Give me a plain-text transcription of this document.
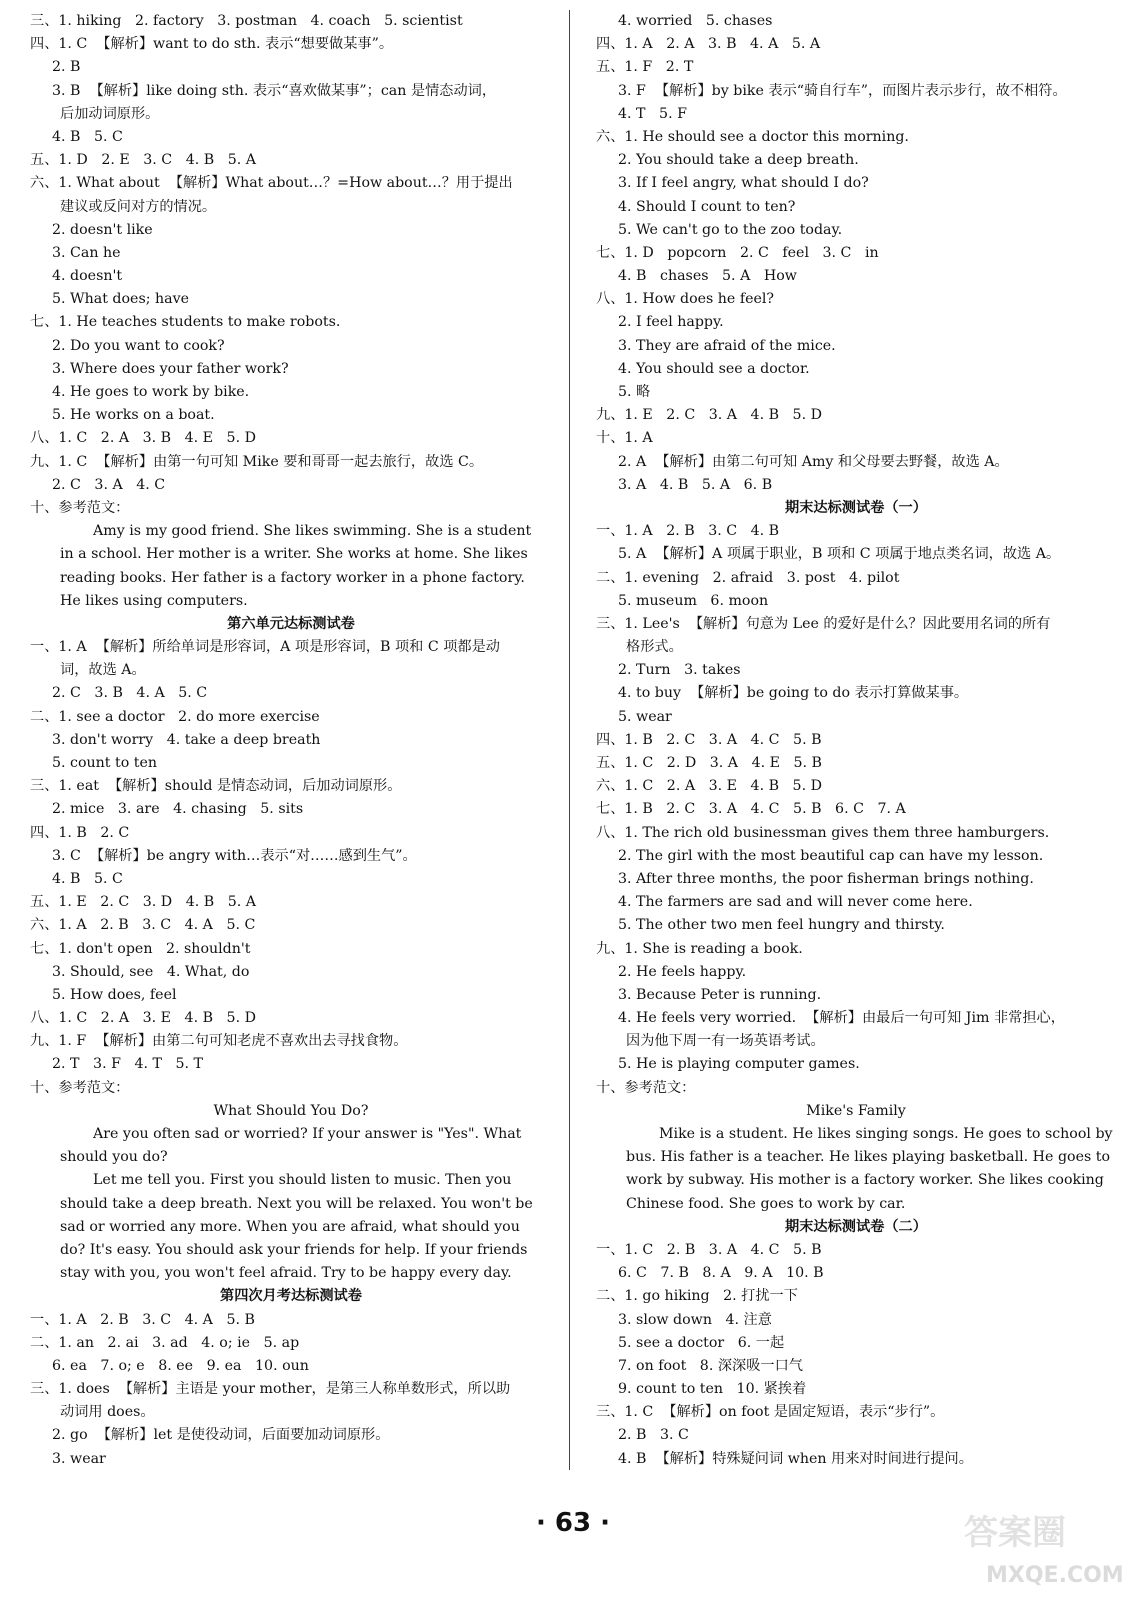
三、1. hiking   2. factory   3. postman   4. coach   5. scientist
四、1. C  【解析】want to do sth. 表示“想要做某事”。
2. B
3. B  【解析】like doing sth. 表示“喜欢做某事”；can 是情态动词，
后加动词原形。
4. B   5. C
五、1. D   2. E   3. C   4. B   5. A
六、1. What about  【解析】What about…？=How about…？用于提出
建议或反问对方的情况。
2. doesn't like
3. Can he
4. doesn't
5. What does; have
七、1. He teaches students to make robots.
2. Do you want to cook?
3. Where does your father work?
4. He goes to work by bike.
5. He works on a boat.
八、1. C   2. A   3. B   4. E   5. D
九、1. C  【解析】由第一句可知 Mike 要和哥哥一起去旅行，故选 C。
2. C   3. A   4. C
十、参考范文：
Amy is my good friend. She likes swimming. She is a student
in a school. Her mother is a writer. She works at home. She likes
reading books. Her father is a factory worker in a phone factory.
He likes using computers.
第六单元达标测试卷
一、1. A  【解析】所给单词是形容词，A 项是形容词，B 项和 C 项都是动
词，故选 A。
2. C   3. B   4. A   5. C
二、1. see a doctor   2. do more exercise
3. don't worry   4. take a deep breath
5. count to ten
三、1. eat  【解析】should 是情态动词，后加动词原形。
2. mice   3. are   4. chasing   5. sits
四、1. B   2. C
3. C  【解析】be angry with…表示“对……感到生气”。
4. B   5. C
五、1. E   2. C   3. D   4. B   5. A
六、1. A   2. B   3. C   4. A   5. C
七、1. don't open   2. shouldn't
3. Should, see   4. What, do
5. How does, feel
八、1. C   2. A   3. E   4. B   5. D
九、1. F  【解析】由第二句可知老虎不喜欢出去寻找食物。
2. T   3. F   4. T   5. T
十、参考范文：
What Should You Do?
Are you often sad or worried? If your answer is "Yes". What
should you do?
Let me tell you. First you should listen to music. Then you
should take a deep breath. Next you will be relaxed. You won't be
sad or worried any more. When you are afraid, what should you
do? It's easy. You should ask your friends for help. If your friends
stay with you, you won't feel afraid. Try to be happy every day.
第四次月考达标测试卷
一、1. A   2. B   3. C   4. A   5. B
二、1. an   2. ai   3. ad   4. o; ie   5. ap
6. ea   7. o; e   8. ee   9. ea   10. oun
三、1. does  【解析】主语是 your mother，是第三人称单数形式，所以助
动词用 does。
2. go  【解析】let 是使役动词，后面要加动词原形。
3. wear
4. worried   5. chases
四、1. A   2. A   3. B   4. A   5. A
五、1. F   2. T
3. F  【解析】by bike 表示“骑自行车”，而图片表示步行，故不相符。
4. T   5. F
六、1. He should see a doctor this morning.
2. You should take a deep breath.
3. If I feel angry, what should I do?
4. Should I count to ten?
5. We can't go to the zoo today.
七、1. D   popcorn   2. C   feel   3. C   in
4. B   chases   5. A   How
八、1. How does he feel?
2. I feel happy.
3. They are afraid of the mice.
4. You should see a doctor.
5. 略
九、1. E   2. C   3. A   4. B   5. D
十、1. A
2. A  【解析】由第二句可知 Amy 和父母要去野餐，故选 A。
3. A   4. B   5. A   6. B
期末达标测试卷（一）
一、1. A   2. B   3. C   4. B
5. A  【解析】A 项属于职业，B 项和 C 项属于地点类名词，故选 A。
二、1. evening   2. afraid   3. post   4. pilot
5. museum   6. moon
三、1. Lee's  【解析】句意为 Lee 的爱好是什么？因此要用名词的所有
格形式。
2. Turn   3. takes
4. to buy  【解析】be going to do 表示打算做某事。
5. wear
四、1. B   2. C   3. A   4. C   5. B
五、1. C   2. D   3. A   4. E   5. B
六、1. C   2. A   3. E   4. B   5. D
七、1. B   2. C   3. A   4. C   5. B   6. C   7. A
八、1. The rich old businessman gives them three hamburgers.
2. The girl with the most beautiful cap can have my lesson.
3. After three months, the poor fisherman brings nothing.
4. The farmers are sad and will never come here.
5. The other two men feel hungry and thirsty.
九、1. She is reading a book.
2. He feels happy.
3. Because Peter is running.
4. He feels very worried.  【解析】由最后一句可知 Jim 非常担心，
因为他下周一有一场英语考试。
5. He is playing computer games.
十、参考范文：
Mike's Family
Mike is a student. He likes singing songs. He goes to school by
bus. His father is a teacher. He likes playing basketball. He goes to
work by subway. His mother is a factory worker. She likes cooking
Chinese food. She goes to work by car.
期末达标测试卷（二）
一、1. C   2. B   3. A   4. C   5. B
6. C   7. B   8. A   9. A   10. B
二、1. go hiking   2. 打扰一下
3. slow down   4. 注意
5. see a doctor   6. 一起
7. on foot   8. 深深吸一口气
9. count to ten   10. 紧挨着
三、1. C  【解析】on foot 是固定短语，表示“步行”。
2. B   3. C
4. B  【解析】特殊疑问词 when 用来对时间进行提问。
· 63 ·	答案圈
MXQE.COM
